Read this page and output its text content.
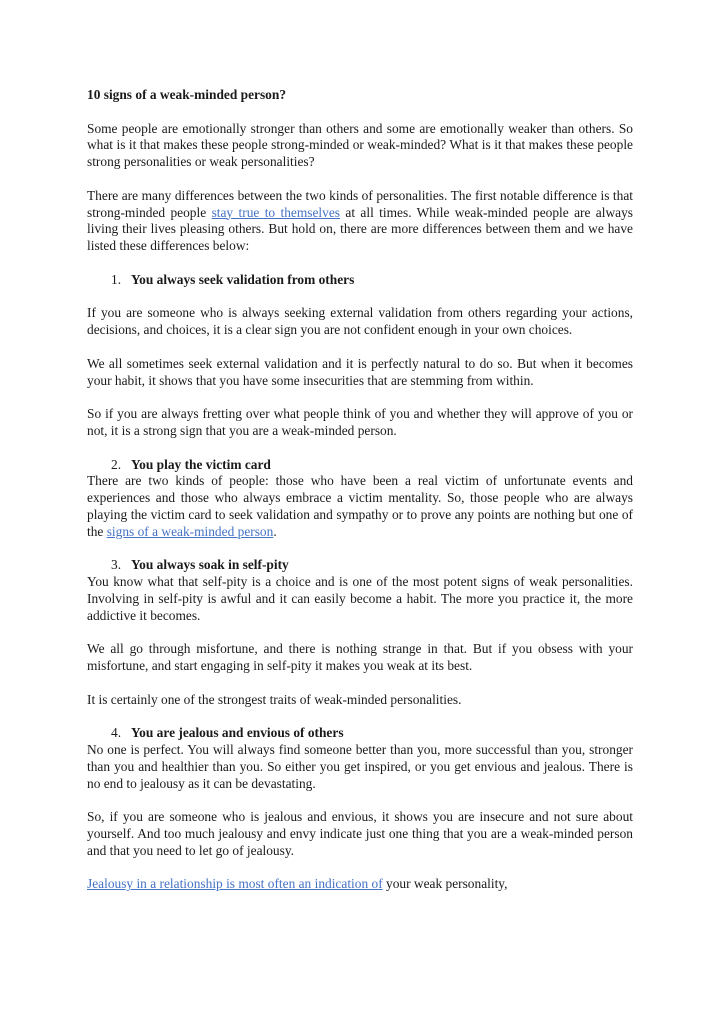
10 signs of a weak-minded person?

Some people are emotionally stronger than others and some are emotionally weaker than others. So what is it that makes these people strong-minded or weak-minded? What is it that makes these people strong personalities or weak personalities?

There are many differences between the two kinds of personalities. The first notable difference is that strong-minded people stay true to themselves at all times. While weak-minded people are always living their lives pleasing others. But hold on, there are more differences between them and we have listed these differences below:

1. You always seek validation from others

If you are someone who is always seeking external validation from others regarding your actions, decisions, and choices, it is a clear sign you are not confident enough in your own choices.

We all sometimes seek external validation and it is perfectly natural to do so. But when it becomes your habit, it shows that you have some insecurities that are stemming from within.

So if you are always fretting over what people think of you and whether they will approve of you or not, it is a strong sign that you are a weak-minded person.

2. You play the victim card

There are two kinds of people: those who have been a real victim of unfortunate events and experiences and those who always embrace a victim mentality. So, those people who are always playing the victim card to seek validation and sympathy or to prove any points are nothing but one of the signs of a weak-minded person.

3. You always soak in self-pity

You know what that self-pity is a choice and is one of the most potent signs of weak personalities. Involving in self-pity is awful and it can easily become a habit. The more you practice it, the more addictive it becomes.

We all go through misfortune, and there is nothing strange in that. But if you obsess with your misfortune, and start engaging in self-pity it makes you weak at its best.

It is certainly one of the strongest traits of weak-minded personalities.

4. You are jealous and envious of others

No one is perfect. You will always find someone better than you, more successful than you, stronger than you and healthier than you. So either you get inspired, or you get envious and jealous. There is no end to jealousy as it can be devastating.

So, if you are someone who is jealous and envious, it shows you are insecure and not sure about yourself. And too much jealousy and envy indicate just one thing that you are a weak-minded person and that you need to let go of jealousy.

Jealousy in a relationship is most often an indication of your weak personality,
